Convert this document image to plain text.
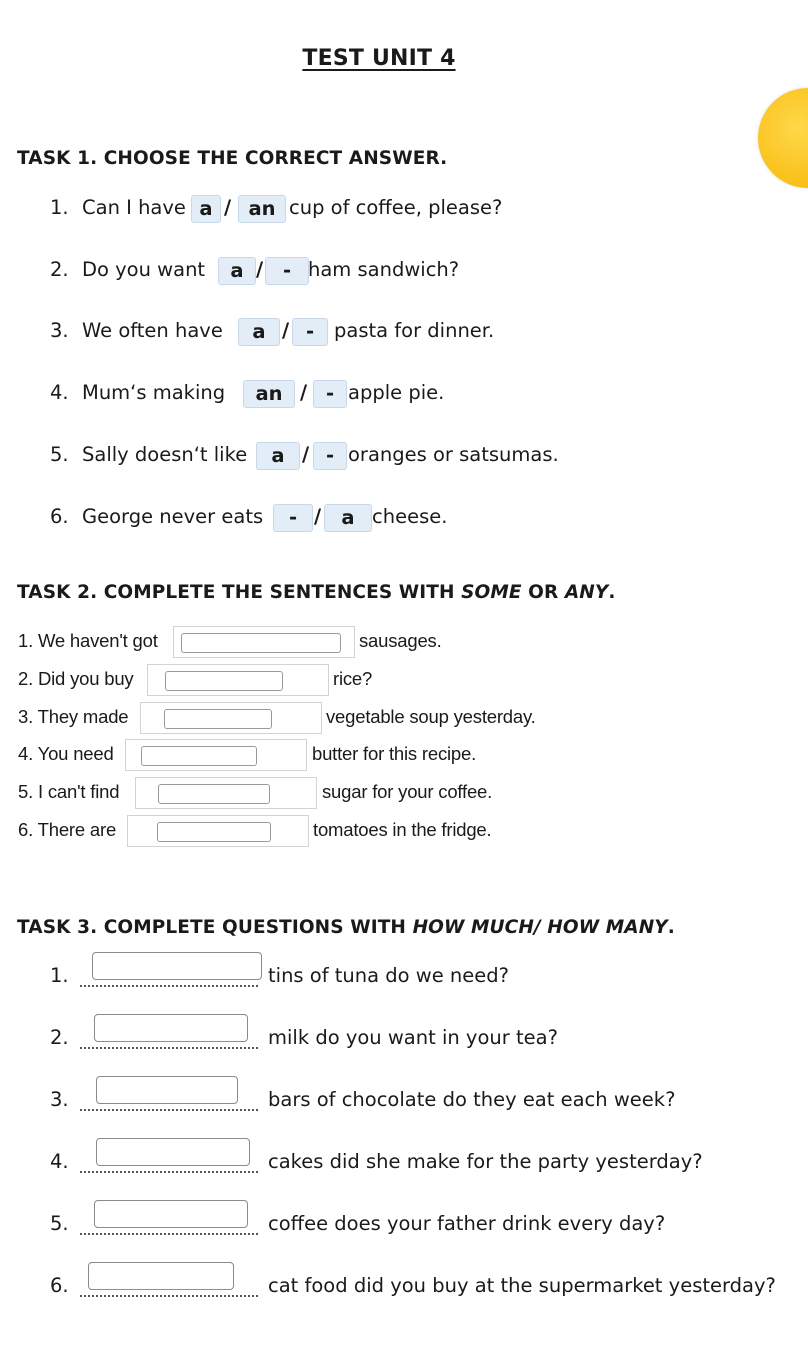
TEST UNIT 4
TASK 1. CHOOSE THE CORRECT ANSWER.
1. Can I have a / an cup of coffee, please?
2. Do you want	a /	- ham sandwich?
3. We often have	a / -	pasta for dinner.
4. Mum‘s making	an / - apple pie.
5. Sally doesn‘t like	a / - oranges or satsumas.
6. George never eats	- /	a cheese.
TASK 2. COMPLETE THE SENTENCES WITH SOME OR ANY.
1. We haven't got	sausages.
2. Did you buy	rice?
3. They made	vegetable soup yesterday.
4. You need	butter for this recipe.
5. I can't find	sugar for your coffee.
6. There are	tomatoes in the fridge.
TASK 3. COMPLETE QUESTIONS WITH HOW MUCH/ HOW MANY.
1.	tins of tuna do we need?
2.	milk do you want in your tea?
3.	bars of chocolate do they eat each week?
4.	cakes did she make for the party yesterday?
5.	coffee does your father drink every day?
6.	cat food did you buy at the supermarket yesterday?
